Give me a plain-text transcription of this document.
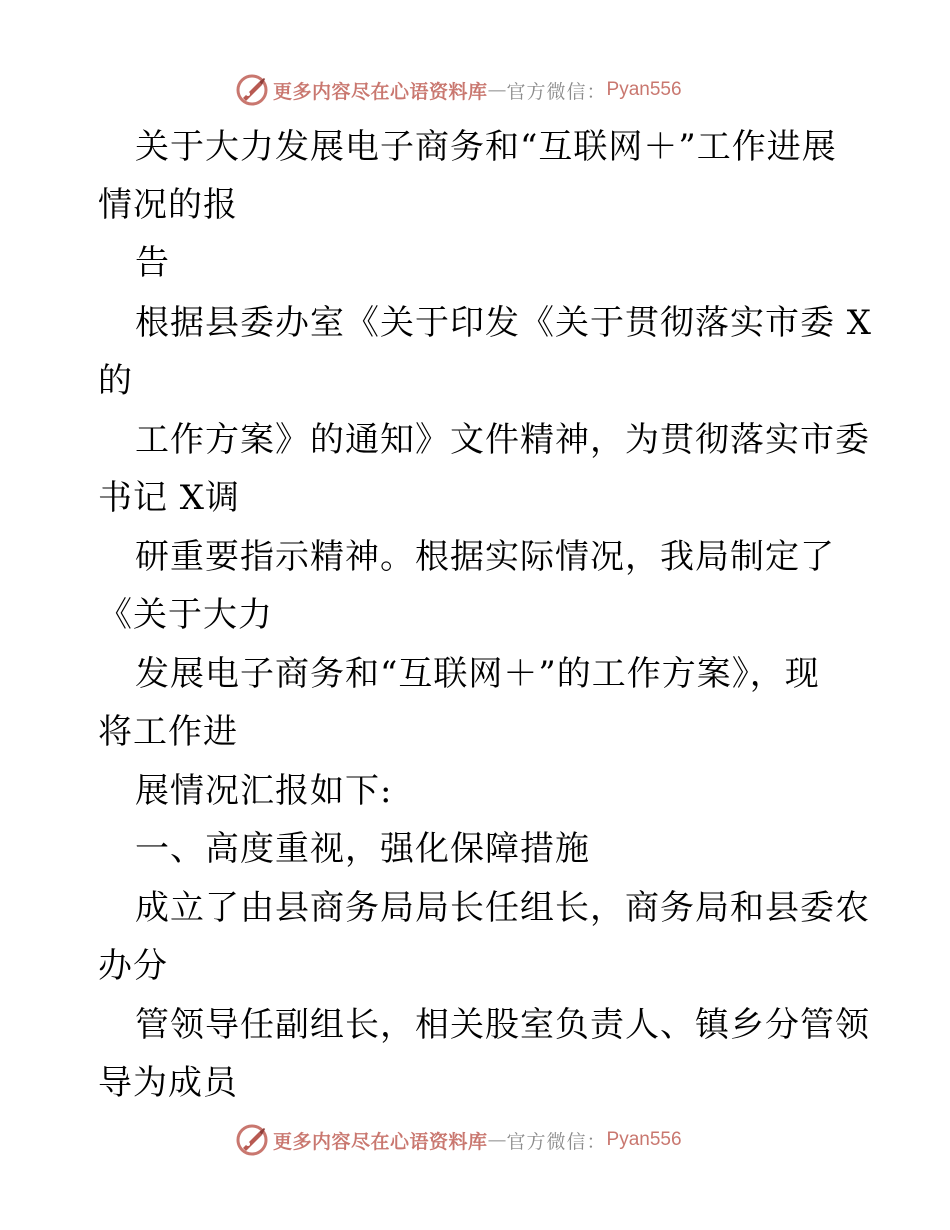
更多内容尽在心语资料库 — 官方微信： Pyan556
关于大力发展电子商务和“互联网＋”工作进展
情况的报
告
根据县委办室《关于印发《关于贯彻落实市委 X
的
工作方案》的通知》文件精神，为贯彻落实市委
书记 X调
研重要指示精神。根据实际情况，我局制定了
《关于大力
发展电子商务和“互联网＋”的工作方案》，现
将工作进
展情况汇报如下:
一、高度重视，强化保障措施
成立了由县商务局局长任组长，商务局和县委农
办分
管领导任副组长，相关股室负责人、镇乡分管领
导为成员
更多内容尽在心语资料库 — 官方微信： Pyan556
